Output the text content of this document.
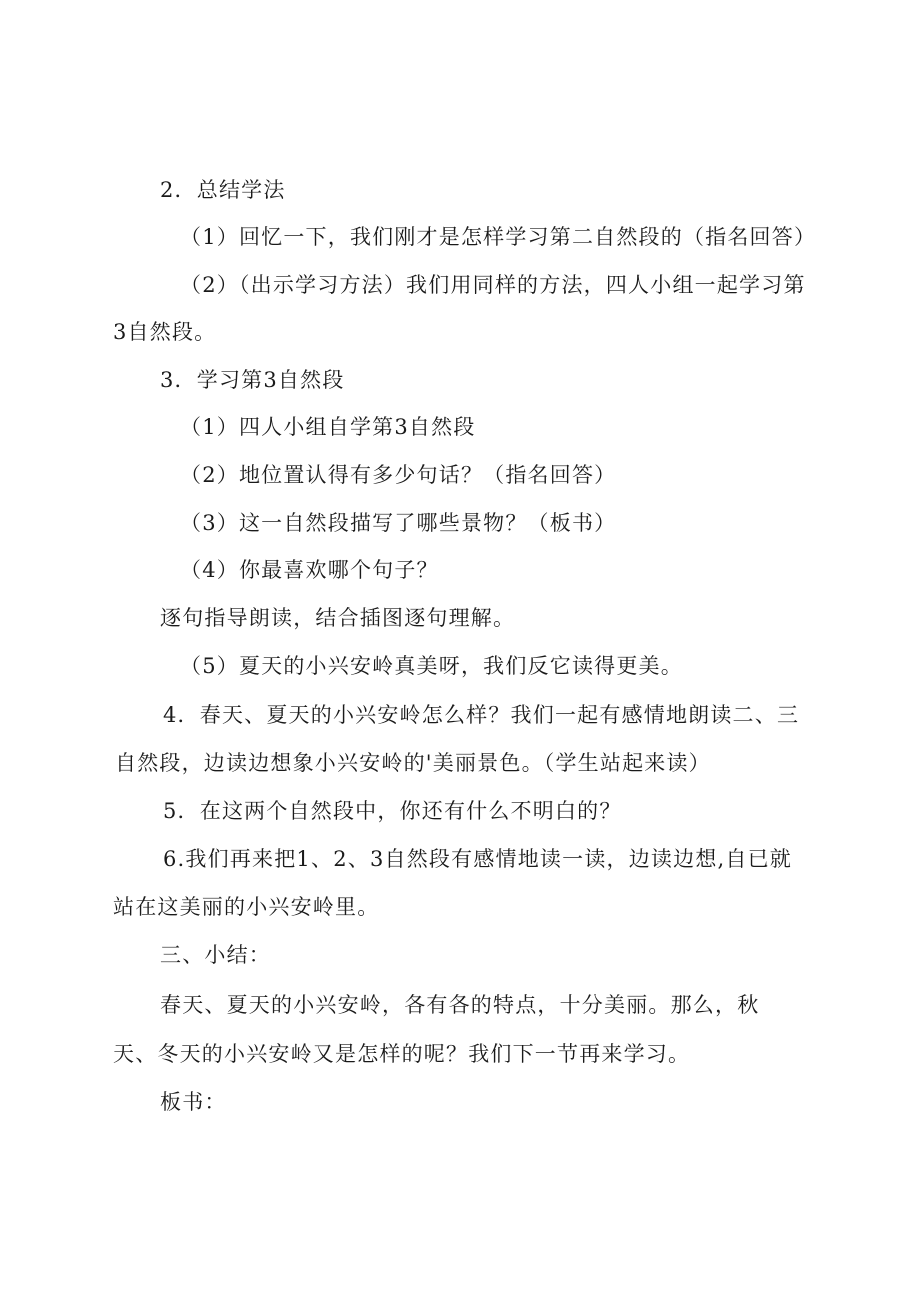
2．总结学法
（1）回忆一下，我们刚才是怎样学习第二自然段的（指名回答）
（2）（出示学习方法）我们用同样的方法，四人小组一起学习第
3自然段。
3．学习第3自然段
（1）四人小组自学第3自然段
（2）地位置认得有多少句话？（指名回答）
（3）这一自然段描写了哪些景物？（板书）
（4）你最喜欢哪个句子？
逐句指导朗读，结合插图逐句理解。
（5）夏天的小兴安岭真美呀，我们反它读得更美。
4．春天、夏天的小兴安岭怎么样？我们一起有感情地朗读二、三
自然段，边读边想象小兴安岭的'美丽景色。（学生站起来读）
5．在这两个自然段中，你还有什么不明白的？
6.我们再来把1、2、3自然段有感情地读一读，边读边想,自已就
站在这美丽的小兴安岭里。
三、小结：
春天、夏天的小兴安岭，各有各的特点，十分美丽。那么，秋
天、冬天的小兴安岭又是怎样的呢？我们下一节再来学习。
板书：
